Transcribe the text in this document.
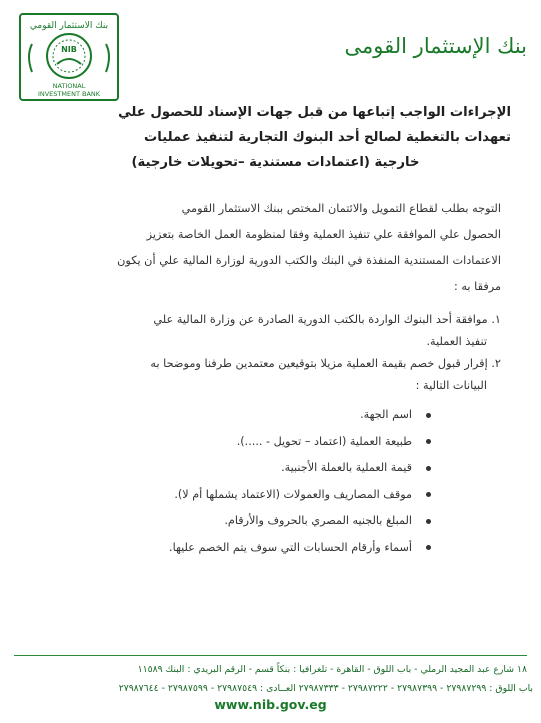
بنك الاستثمار القومي
NIB
NATIONAL
INVESTMENT BANK
بنك الإستثمار القومى

الإجراءات الواجب إتباعها من قبل جهات الإسناد للحصول علي

تعهدات بالتغطية لصالح أحد البنوك التجارية لتنفيذ عمليات

خارجية (اعتمادات مستندية –تحويلات خارجية)

التوجه بطلب لقطاع التمويل والائتمان المختص ببنك الاستثمار القومي

الحصول علي الموافقة علي تنفيذ العملية وفقا لمنظومة العمل الخاصة بتعزيز

الاعتمادات المستندية المنفذة في البنك والكتب الدورية لوزارة المالية علي أن يكون

مرفقا به :

١. موافقة أحد البنوك الواردة بالكتب الدورية الصادرة عن وزارة المالية علي

تنفيذ العملية.

٢. إقرار قبول خصم بقيمة العملية مزيلا بتوقيعين معتمدين طرفنا وموضحا به

البيانات التالية :

اسم الجهة.
طبيعة العملية (اعتماد – تحويل - .....).
قيمة العملية بالعملة الأجنبية.
موقف المصاريف والعمولات (الاعتماد يشملها أم لا).
المبلغ بالجنيه المصري بالحروف والأرقام.
أسماء وأرقام الحسابات التي سوف يتم الخصم عليها.
١٨ شارع عبد المجيد الرملي - باب اللوق - القاهرة - تلغرافيا : بنكاً قسم - الرقم البريدي : البنك ١١٥٨٩
باب اللوق : ٢٧٩٨٧٢٩٩ - ٢٧٩٨٧٣٩٩ - ٢٧٩٨٧٢٢٢ - ٢٧٩٨٧٣٣٣ العــادى : ٢٧٩٨٧٥٤٩ - ٢٧٩٨٧٥٩٩ - ٢٧٩٨٧٦٤٤
www.nib.gov.eg
